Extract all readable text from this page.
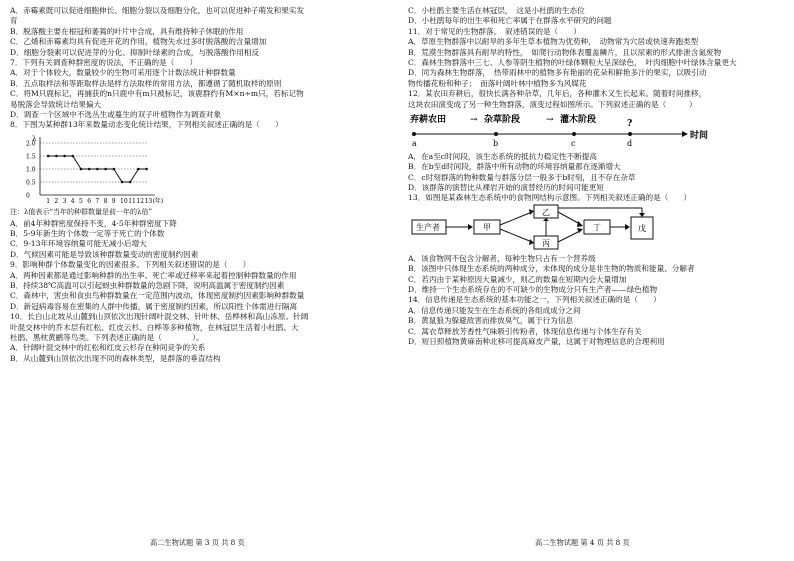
A．赤霉素既可以促进细胞伸长、细胞分裂以及细胞分化，也可以促进种子萌发和果实发
育
B．脱落酸主要在根冠和萎蔫的叶片中合成，具有维持种子休眠的作用
C．乙烯和赤霉素均具有促进开花的作用，植物失水过多时脱落酸的含量增加
D．细胞分裂素可以促进芽的分化、抑制叶绿素的合成，与脱落酸作用相反
7．下列有关调查种群密度的说法，不正确的是（　　）
A．对于个体较大，数量较少的生物可采用逐个计数法统计种群数量
B．五点取样法和等距取样法是样方法取样的常用方法，都遵循了随机取样的原则
C．将M只鹿标记，再捕获的n只鹿中有m只被标记，该鹿群约有M×n÷m只，若标记物
易脱落会导致统计结果偏大
D．调查一个区域中不选丛生或蔓生的双子叶植物作为调查对象
8．下图为某种群13年来数量动态变化统计结果，下列相关叙述正确的是（　　）
λ
2.0
1.5
1.0
0.5
0
1 2 3 4 5 6 7 8 9 10 11 12 13 (年)
注：λ值表示“当年的种群数量是前一年的λ倍”
A．前4年种群密度保持不变，4-5年种群密度下降
B．5-9年新生的个体数一定等于死亡的个体数
C．9-13年环境容纳量可能无减小后增大
D．气候因素可能是导致该种群数量变动的密度制约因素
9．影响种群个体数量变化的因素很多。下列相关叙述错误的是（　　）
A．两种因素都是通过影响种群的出生率、死亡率或迁移率来起着控制种群数量的作用
B．持续38℃高温可以引起蚜虫种群数量的急剧下降，说明高温属于密度制约因素
C．森林中，害虫和食虫鸟种群数量在一定范围内波动，体现密度制约因素影响种群数量
D．新冠病毒容易在密集的人群中传播，属于密度制约因素，所以阳性个体需进行隔离
10．长白山北坡从山麓到山顶依次出现针阔叶混交林、针叶林、岳桦林和高山冻原。针阔
叶混交林中的乔木层有红松、红皮云杉、白桦等多种植物，在林冠层生活着小杜鹃、大
杜鹃、黑枕黄鹂等鸟类。下列表述正确的是（　　　　）。
A．针阔叶混交林中的红松和红皮云杉存在种间竞争的关系
B．从山麓到山顶依次出现不同的森林类型，是群落的垂直结构
C．小杜鹃主要生活在林冠层，　这是小杜鹃的生态位
D．小杜鹃每年的出生率和死亡率属于在群落水平研究的问题
11．对于常见的生物群落，　叙述错误的是（　　）
A．草原生物群落中以耐旱的多年生草本植物为优势种，　动物常为穴居或快速奔跑类型
B．荒漠生物群落具有耐旱的特性，　如爬行动物体表覆盖鳞片，且以尿素的形式排泄含氮废物
C．森林生物群落中三七、人参等阴生植物的叶绿体颗粒大呈深绿色，　叶肉细胞中叶绿体含量更大
D．同为森林生物群落，　热带雨林中的植物多有艳丽的花朵和鲜艳多汁的果实，以吸引动
物传播花粉和种子；　而落叶阔叶林中植物多为风媒花
12．某农田弃耕后，很快长满各种杂草，几年后，各种灌木又生长起来。随着时间推移，
这块农田演变成了另一种生物群落，演变过程如图所示。下列叙述正确的是（　　　）
弃耕农田	灌木阶段
→
→ 杂草阶段
时间
a	b	c	d
?
A．在a至c时间段，该生态系统的抵抗力稳定性不断提高
B．在b至d时间段，群落中所有动物的环境容纳量都在逐渐增大
C．c时刻群落的物种数量与群落分层一般多于b时刻，且不存在杂草
D．该群落的演替比从裸岩开始的演替经历的时间可能更短
13．如图是某森林生态系统中的食物网结构示意图。下列相关叙述正确的是（　　）
生产者	甲
乙
丙
丁	戊
A．该食物网不包含分解者，每种生物只占有一个营养级
B．该图中只体现生态系统的两种成分，未体现的成分是非生物的物质和能量、分解者
C．若丙由于某种原因大量减少，则乙的数量在短期内会大量增加
D．维持一个生态系统存在的不可缺少的生物成分只有生产者——绿色植物
14．信息传递是生态系统的基本功能之一，下列相关叙述正确的是（　　）
A．信息传递只能发生在生态系统的各组成成分之间
B．黄鼠狼为躲避敌害而排放臭气，属于行为信息
C．蒿衣草释放芳香性气味吸引传粉者，体现信息传递与个体生存有关
D．短日照植物黄麻南种北移可提高麻皮产量，这属于对物理信息的合理利用
高二生物试题 第 3 页 共 8 页	高二生物试题 第 4 页 共 8 页
